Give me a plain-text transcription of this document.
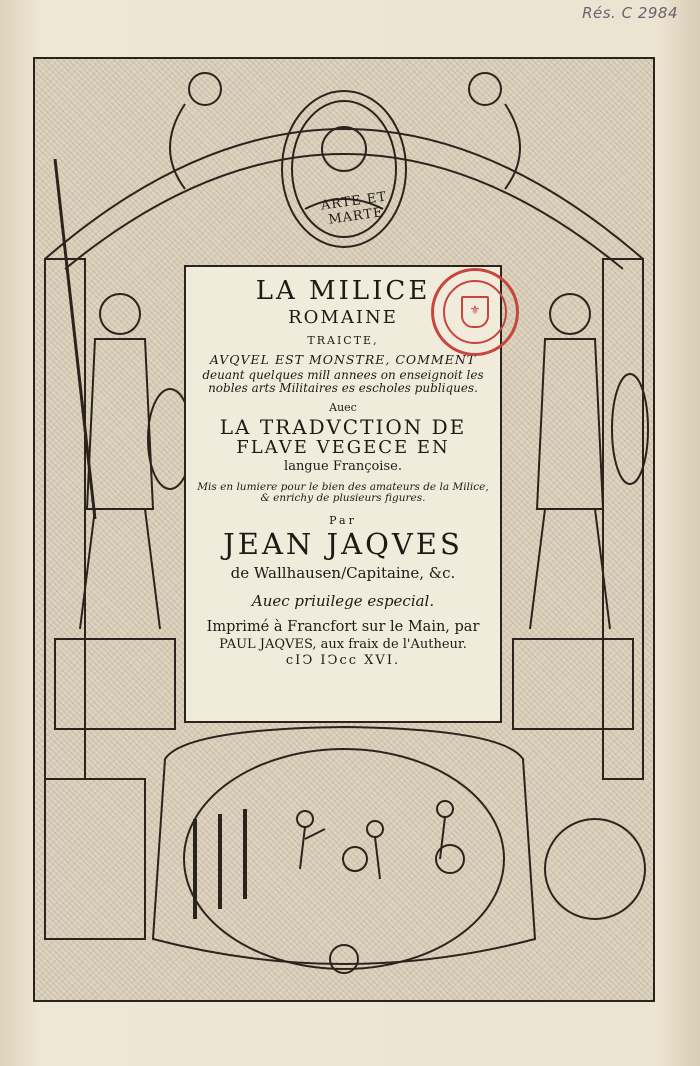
Rés. C 2984
ARTE ET MARTE
LA MILICE
ROMAINE
TRAICTE,
AVQVEL EST MONSTRE, COMMENT
deuant quelques mill annees on enseignoit les nobles arts Militaires es escholes publiques.
Auec
LA TRADVCTION DE
FLAVE VEGECE EN
langue Françoise.
Mis en lumiere pour le bien des amateurs de la Milice, & enrichy de plusieurs figures.
Par
JEAN JAQVES
de Wallhausen/Capitaine, &c.
Auec priuilege especial.
Imprimé à Francfort sur le Main, par
PAUL JAQVES, aux fraix de l'Autheur.
cIↃ IↃcc XVI.
⚜
